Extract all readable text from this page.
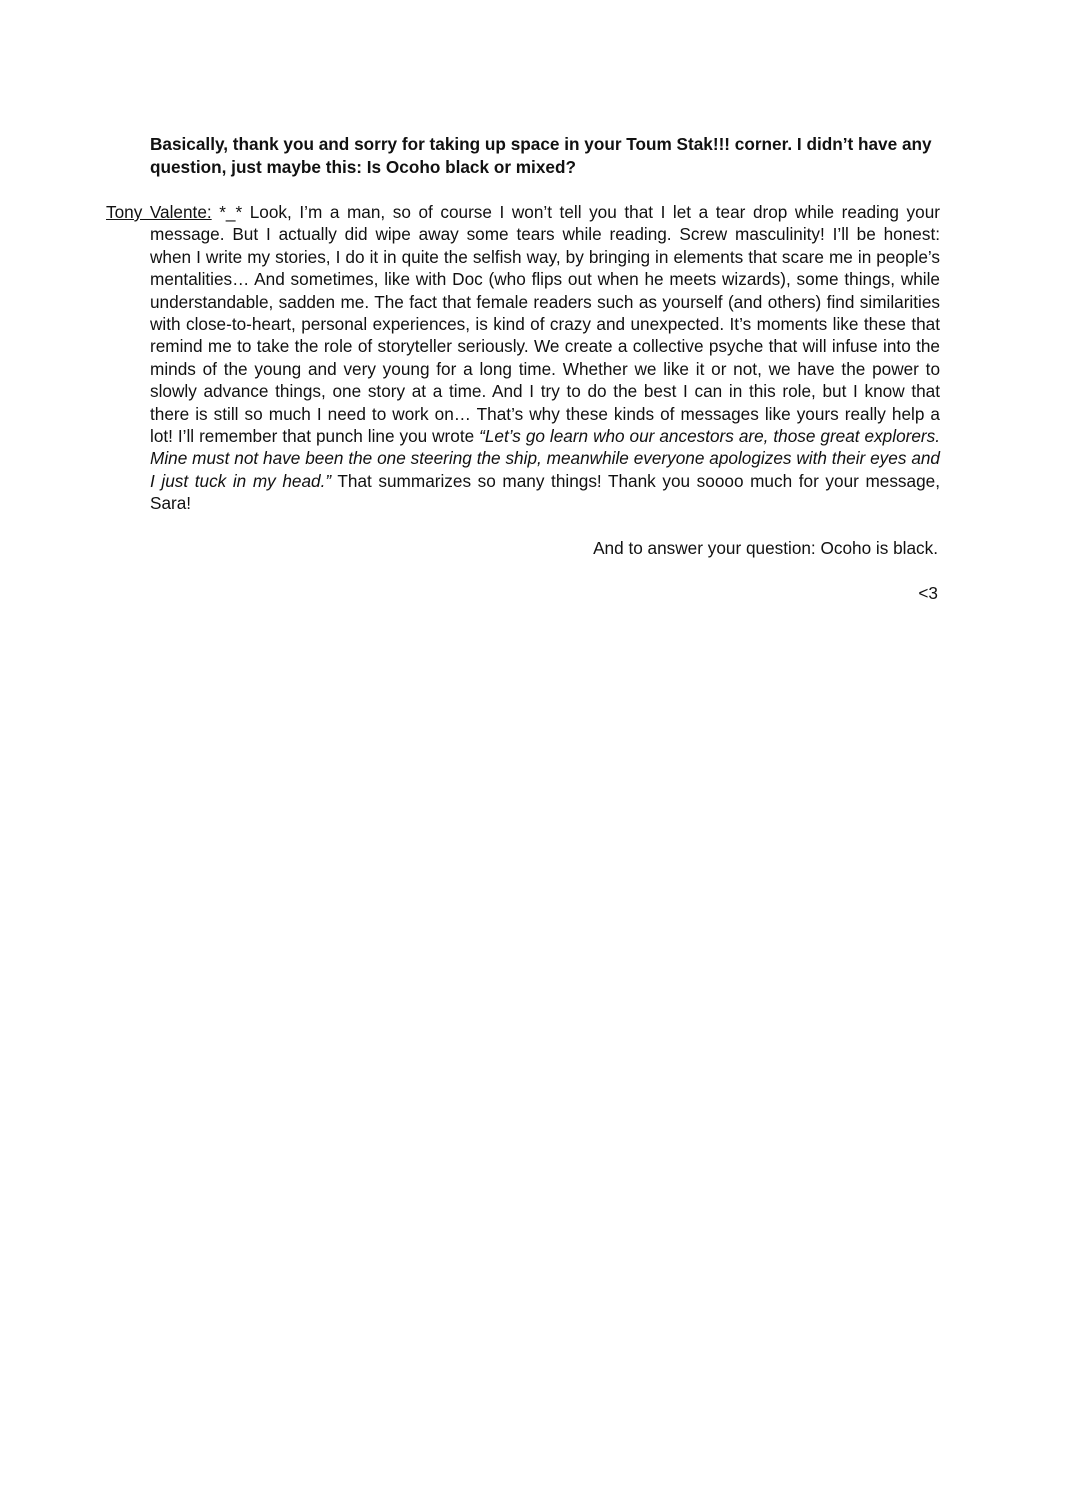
Basically, thank you and sorry for taking up space in your Toum Stak!!! corner. I didn’t have any question, just maybe this: Is Ocoho black or mixed?

Tony Valente: *_* Look, I’m a man, so of course I won’t tell you that I let a tear drop while reading your message. But I actually did wipe away some tears while reading. Screw masculinity! I’ll be honest: when I write my stories, I do it in quite the selfish way, by bringing in elements that scare me in people’s mentalities… And sometimes, like with Doc (who flips out when he meets wizards), some things, while understandable, sadden me. The fact that female readers such as yourself (and others) find similarities with close-to-heart, personal experiences, is kind of crazy and unexpected. It’s moments like these that remind me to take the role of storyteller seriously. We create a collective psyche that will infuse into the minds of the young and very young for a long time. Whether we like it or not, we have the power to slowly advance things, one story at a time. And I try to do the best I can in this role, but I know that there is still so much I need to work on… That’s why these kinds of messages like yours really help a lot! I’ll remember that punch line you wrote “Let’s go learn who our ancestors are, those great explorers. Mine must not have been the one steering the ship, meanwhile everyone apologizes with their eyes and I just tuck in my head.” That summarizes so many things! Thank you soooo much for your message, Sara!

And to answer your question: Ocoho is black.

<3
